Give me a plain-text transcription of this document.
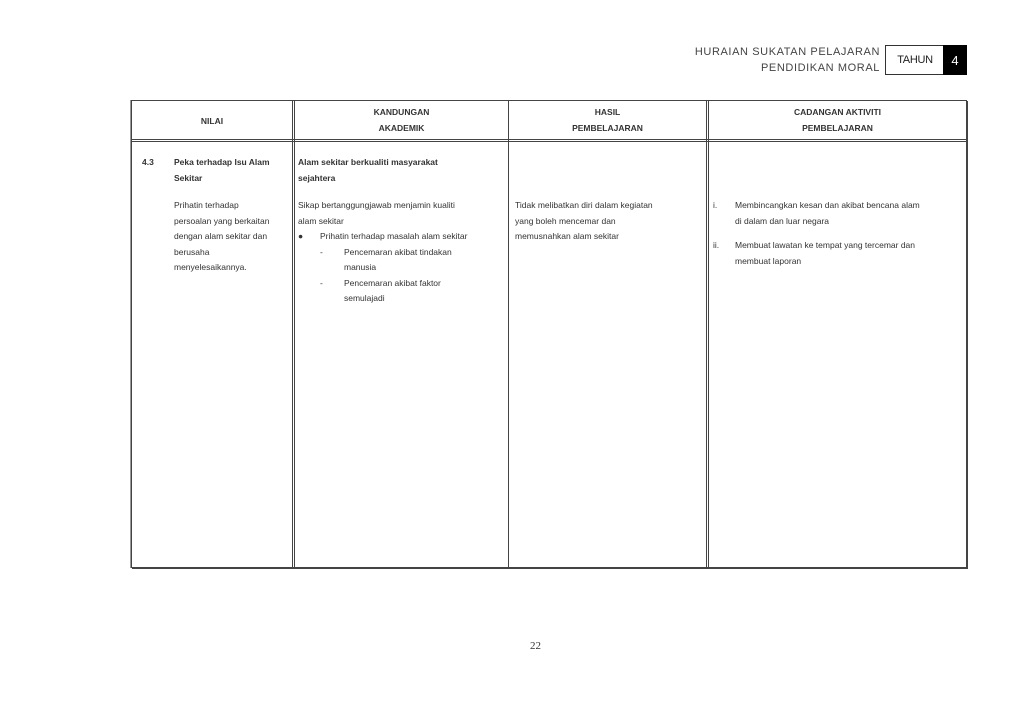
HURAIAN SUKATAN PELAJARAN
PENDIDIKAN MORAL
TAHUN	4
NILAI
KANDUNGAN
AKADEMIK
HASIL
PEMBELAJARAN
CADANGAN AKTIVITI
PEMBELAJARAN
4.3 Peka terhadap Isu Alam
Sekitar
Prihatin terhadap
persoalan yang berkaitan
dengan alam sekitar dan
berusaha
menyelesaikannya.
Alam sekitar berkualiti masyarakat
sejahtera
Sikap bertanggungjawab menjamin kualiti
alam sekitar
● Prihatin terhadap masalah alam sekitar
- Pencemaran akibat tindakan
manusia
- Pencemaran akibat faktor
semulajadi
Tidak melibatkan diri dalam kegiatan
yang boleh mencemar dan
memusnahkan alam sekitar
i. Membincangkan kesan dan akibat bencana alam
di dalam dan luar negara
ii. Membuat lawatan ke tempat yang tercemar dan
membuat laporan
22
